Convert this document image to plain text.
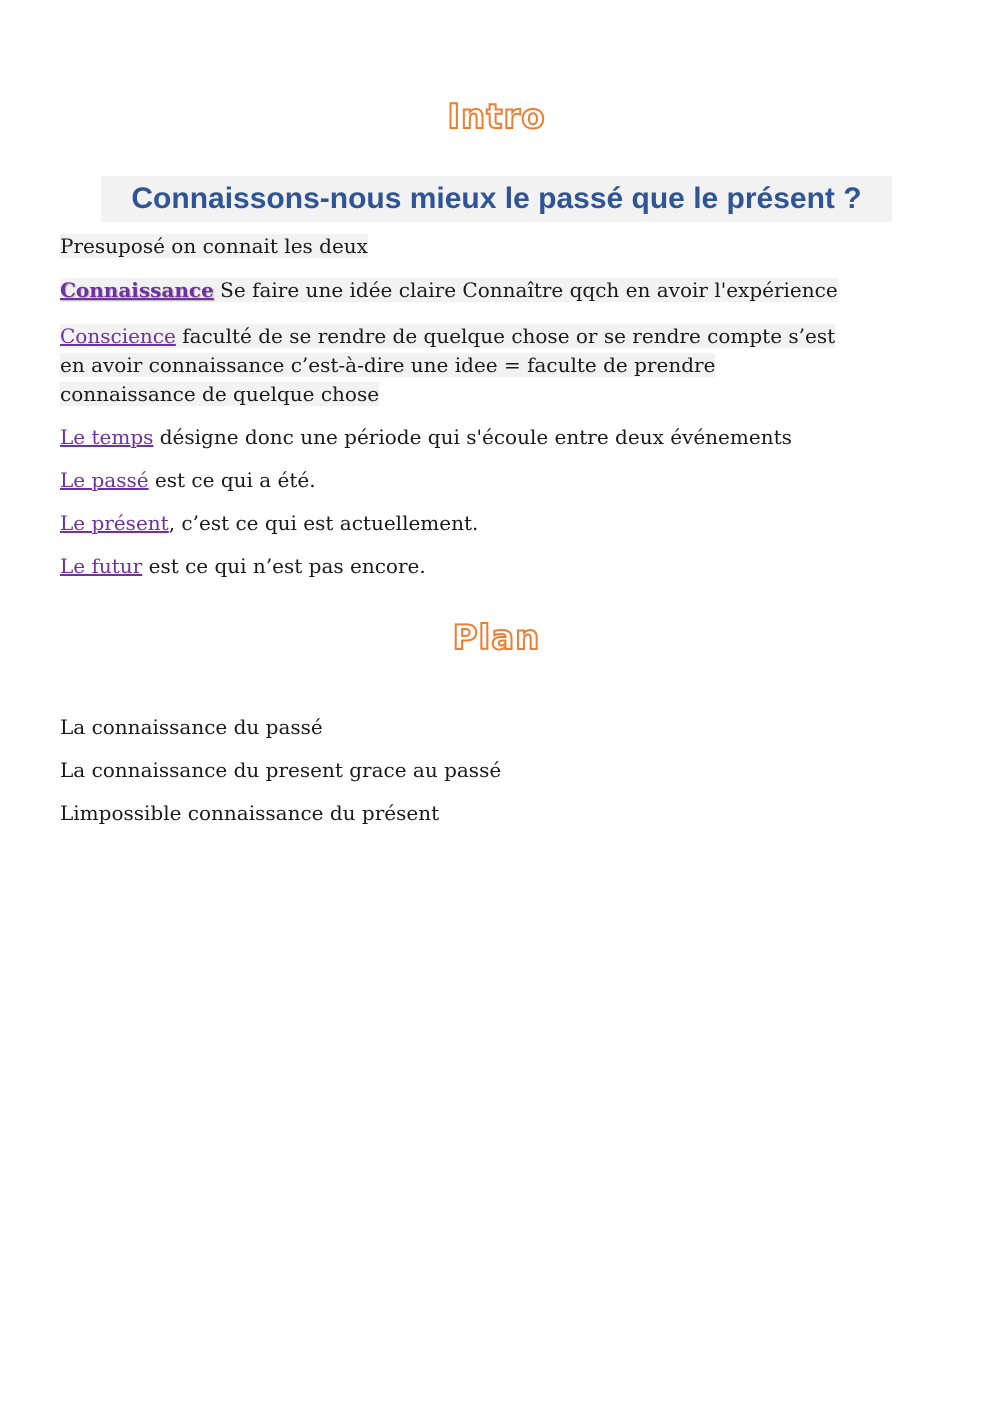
Intro
Connaissons-nous mieux le passé que le présent ?
Presuposé on connait les deux
Connaissance Se faire une idée claire Connaître qqch en avoir l'expérience
Conscience faculté de se rendre de quelque chose or se rendre compte s’est
en avoir connaissance c’est-à-dire une idee = faculte de prendre
connaissance de quelque chose
Le temps désigne donc une période qui s'écoule entre deux événements
Le passé est ce qui a été.
Le présent, c’est ce qui est actuellement.
Le futur est ce qui n’est pas encore.
Plan
La connaissance du passé
La connaissance du present grace au passé
Limpossible connaissance du présent
